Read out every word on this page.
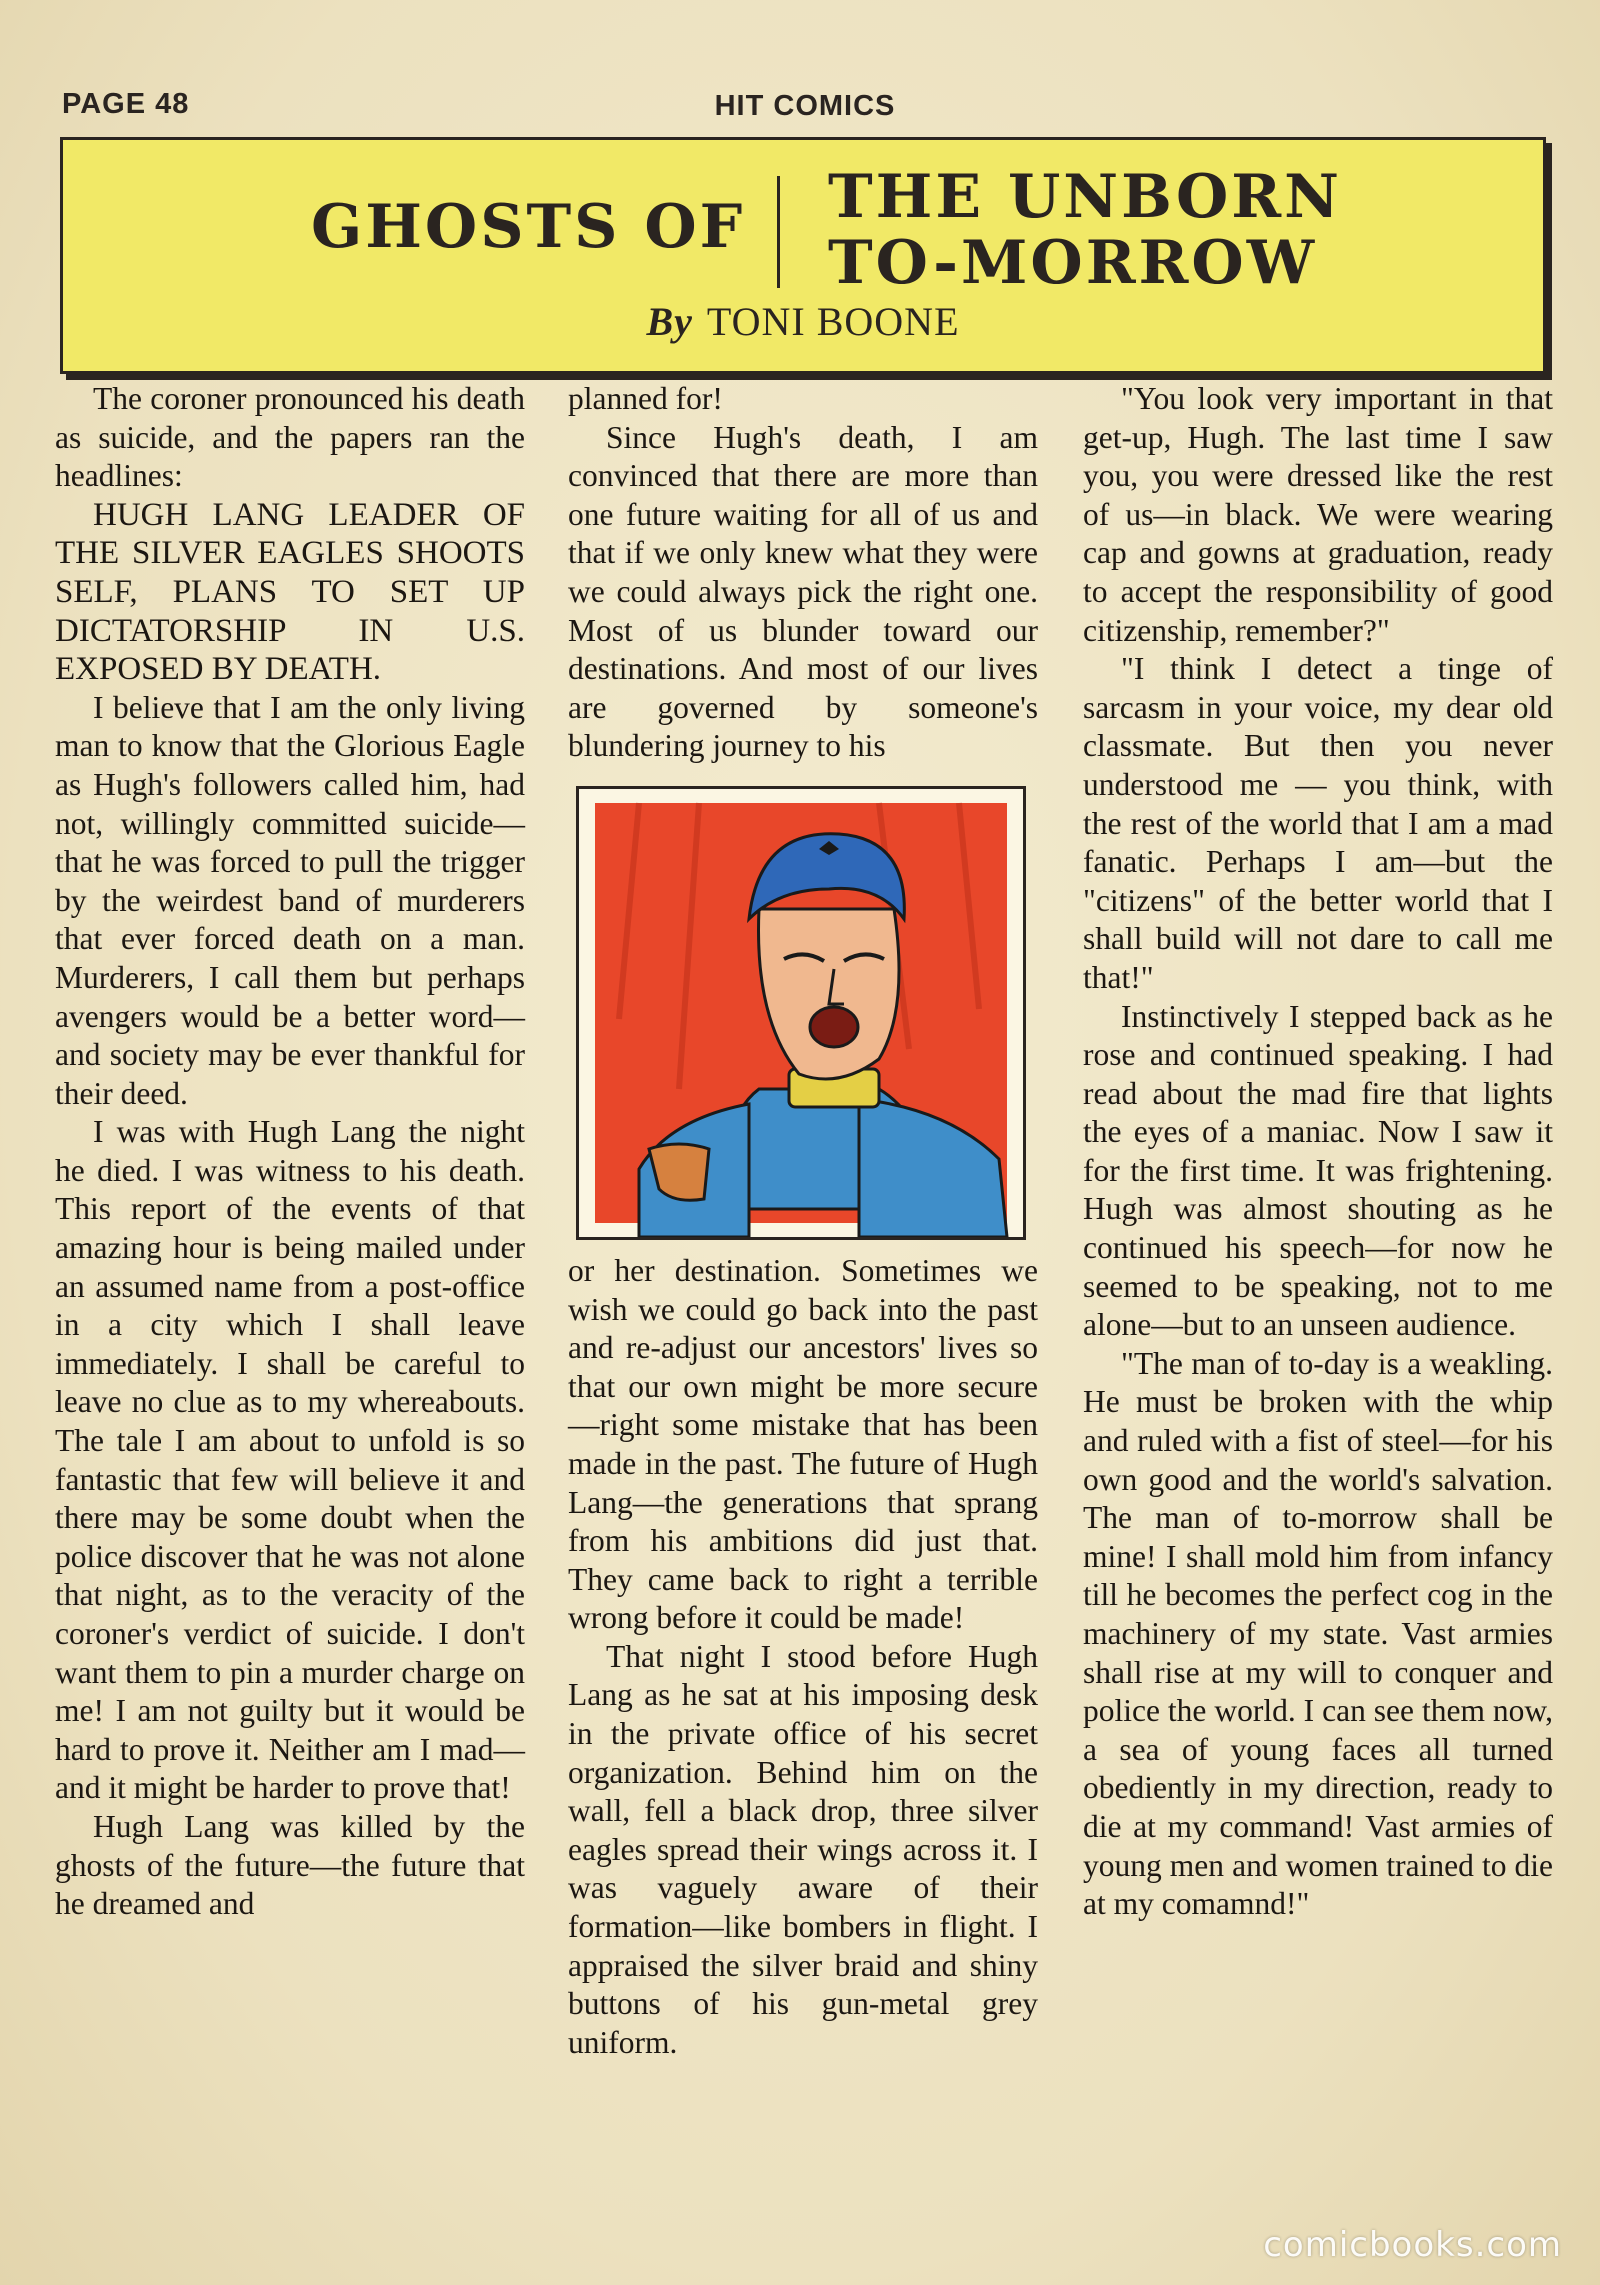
PAGE 48	HIT COMICS
GHOSTS OF THE UNBORN
TO-MORROW
By TONI BOONE

The coroner pronounced his death as suicide, and the papers ran the headlines:

HUGH LANG LEADER OF THE SILVER EAGLES SHOOTS SELF, PLANS TO SET UP DICTATORSHIP IN U.S. EXPOSED BY DEATH.

I believe that I am the only living man to know that the Glorious Eagle as Hugh's followers called him, had not, willingly committed suicide—that he was forced to pull the trigger by the weirdest band of murderers that ever forced death on a man. Murderers, I call them but perhaps avengers would be a better word—and society may be ever thankful for their deed.

I was with Hugh Lang the night he died. I was witness to his death. This report of the events of that amazing hour is being mailed under an assumed name from a post-office in a city which I shall leave immediately. I shall be careful to leave no clue as to my whereabouts. The tale I am about to unfold is so fantastic that few will believe it and there may be some doubt when the police discover that he was not alone that night, as to the veracity of the coroner's verdict of suicide. I don't want them to pin a murder charge on me! I am not guilty but it would be hard to prove it. Neither am I mad—and it might be harder to prove that!

Hugh Lang was killed by the ghosts of the future—the future that he dreamed and

planned for!

Since Hugh's death, I am convinced that there are more than one future waiting for all of us and that if we only knew what they were we could always pick the right one. Most of us blunder toward our destinations. And most of our lives are governed by someone's blundering journey to his

or her destination. Sometimes we wish we could go back into the past and re-adjust our ancestors' lives so that our own might be more secure—right some mistake that has been made in the past. The future of Hugh Lang—the generations that sprang from his ambitions did just that. They came back to right a terrible wrong before it could be made!

That night I stood before Hugh Lang as he sat at his imposing desk in the private office of his secret organization. Behind him on the wall, fell a black drop, three silver eagles spread their wings across it. I was vaguely aware of their formation—like bombers in flight. I appraised the silver braid and shiny buttons of his gun-metal grey uniform.

"You look very important in that get-up, Hugh. The last time I saw you, you were dressed like the rest of us—in black. We were wearing cap and gowns at graduation, ready to accept the responsibility of good citizenship, remember?"

"I think I detect a tinge of sarcasm in your voice, my dear old classmate. But then you never understood me — you think, with the rest of the world that I am a mad fanatic. Perhaps I am—but the "citizens" of the better world that I shall build will not dare to call me that!"

Instinctively I stepped back as he rose and continued speaking. I had read about the mad fire that lights the eyes of a maniac. Now I saw it for the first time. It was frightening. Hugh was almost shouting as he continued his speech—for now he seemed to be speaking, not to me alone—but to an unseen audience.

"The man of to-day is a weakling. He must be broken with the whip and ruled with a fist of steel—for his own good and the world's salvation. The man of to-morrow shall be mine! I shall mold him from infancy till he becomes the perfect cog in the machinery of my state. Vast armies shall rise at my will to conquer and police the world. I can see them now, a sea of young faces all turned obediently in my direction, ready to die at my command! Vast armies of young men and women trained to die at my comamnd!"

comicbooks.com
